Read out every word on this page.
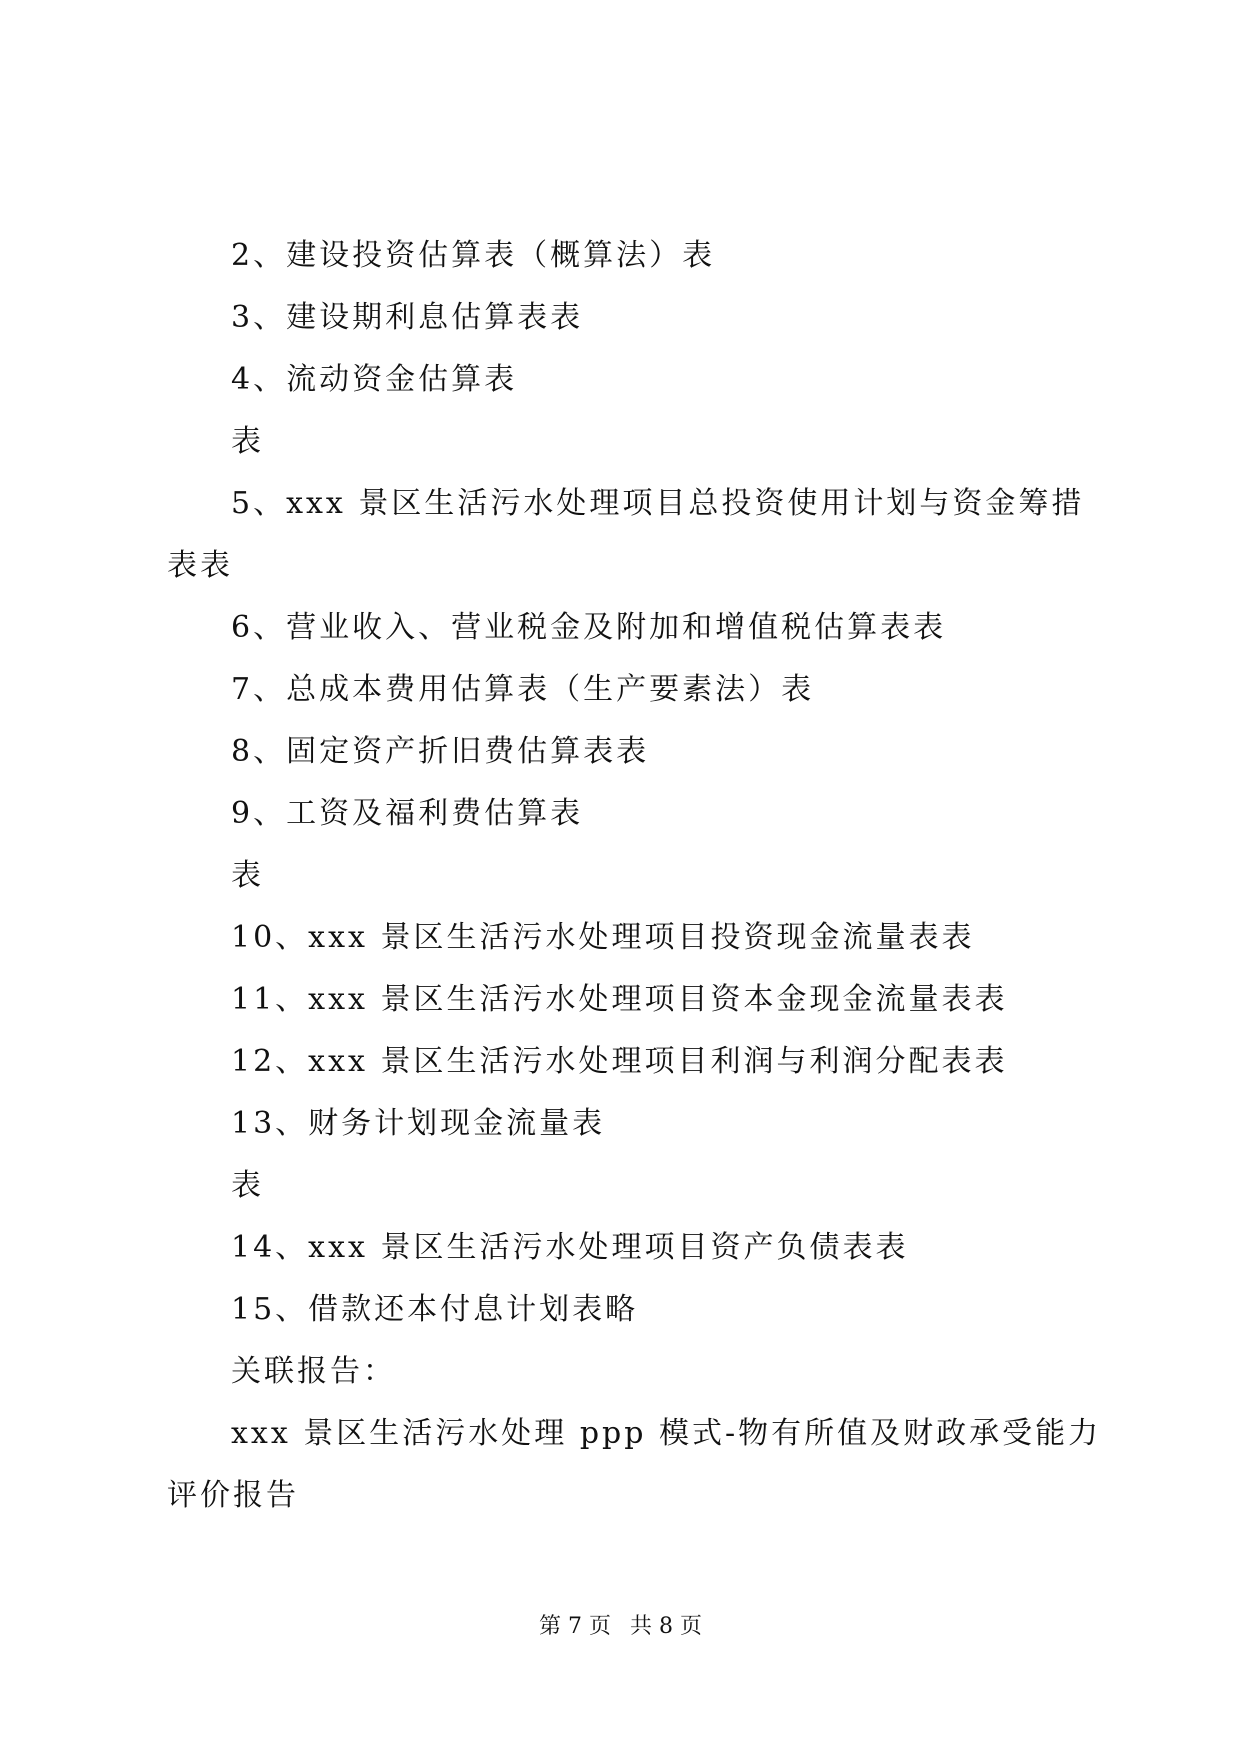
2、建设投资估算表（概算法）表
3、建设期利息估算表表
4、流动资金估算表
表
5、xxx 景区生活污水处理项目总投资使用计划与资金筹措
表表
6、营业收入、营业税金及附加和增值税估算表表
7、总成本费用估算表（生产要素法）表
8、固定资产折旧费估算表表
9、工资及福利费估算表
表
10、xxx 景区生活污水处理项目投资现金流量表表
11、xxx 景区生活污水处理项目资本金现金流量表表
12、xxx 景区生活污水处理项目利润与利润分配表表
13、财务计划现金流量表
表
14、xxx 景区生活污水处理项目资产负债表表
15、借款还本付息计划表略
关联报告：
xxx 景区生活污水处理 ppp 模式-物有所值及财政承受能力
评价报告
第 7 页 共 8 页
